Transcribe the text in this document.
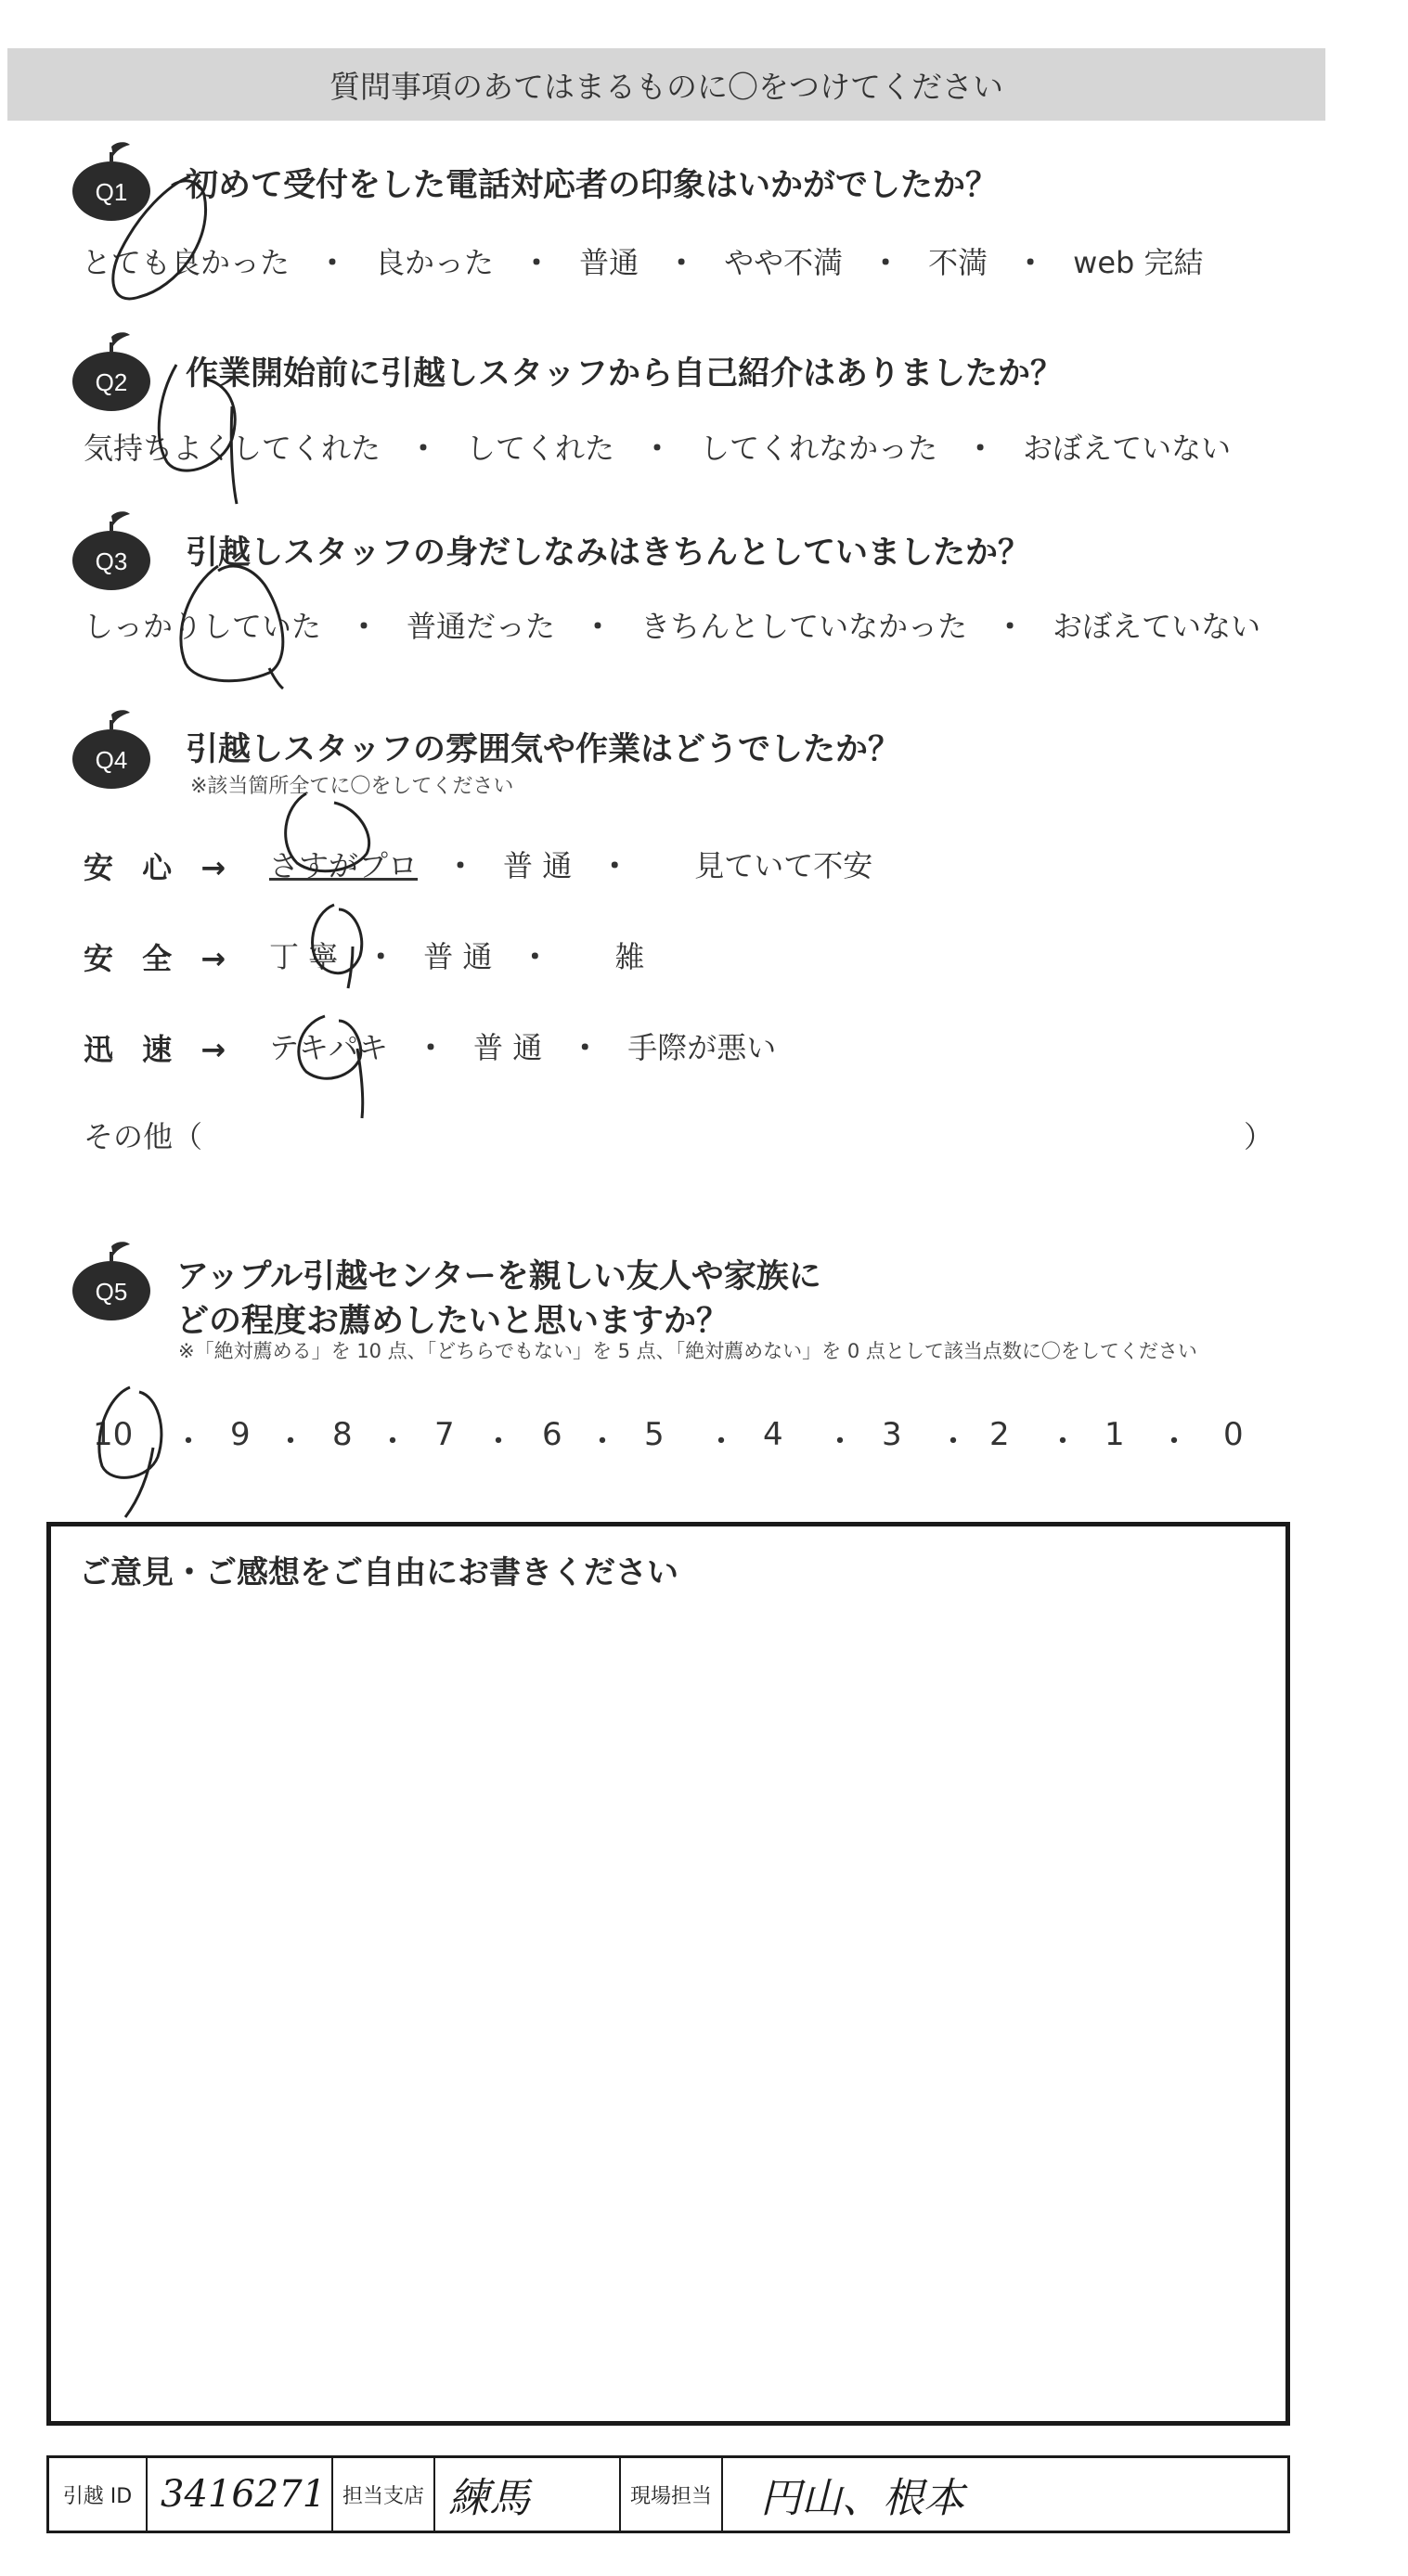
質問事項のあてはまるものに〇をつけてください
Q1 初めて受付をした電話対応者の印象はいかがでしたか？
とても良かった ・ 良かった ・ 普通 ・ やや不満 ・ 不満 ・ web 完結
Q2 作業開始前に引越しスタッフから自己紹介はありましたか？
気持ちよくしてくれた ・ してくれた ・ してくれなかった ・ おぼえていない
Q3 引越しスタッフの身だしなみはきちんとしていましたか？
しっかりしていた ・ 普通だった ・ きちんとしていなかった ・ おぼえていない
Q4 引越しスタッフの雰囲気や作業はどうでしたか？
※該当箇所全てに〇をしてください
安 心 → さすがプロ ・ 普 通 ・ 見ていて不安
安 全 → 丁 寧 ・ 普 通 ・ 雑
迅 速 → テキパキ ・ 普 通 ・ 手際が悪い
その他（	）
Q5 アップル引越センターを親しい友人や家族に
どの程度お薦めしたいと思いますか？
※「絶対薦める」を 10 点、「どちらでもない」を 5 点、「絶対薦めない」を 0 点として該当点数に〇をしてください
10 ・ 9 ・ 8 ・ 7 ・ 6 ・ 5 ・ 4 ・ 3 ・ 2 ・ 1 ・ 0
ご意見・ご感想をご自由にお書きください
引越 ID 3416271 担当支店 練馬	現場担当	円山、根本
